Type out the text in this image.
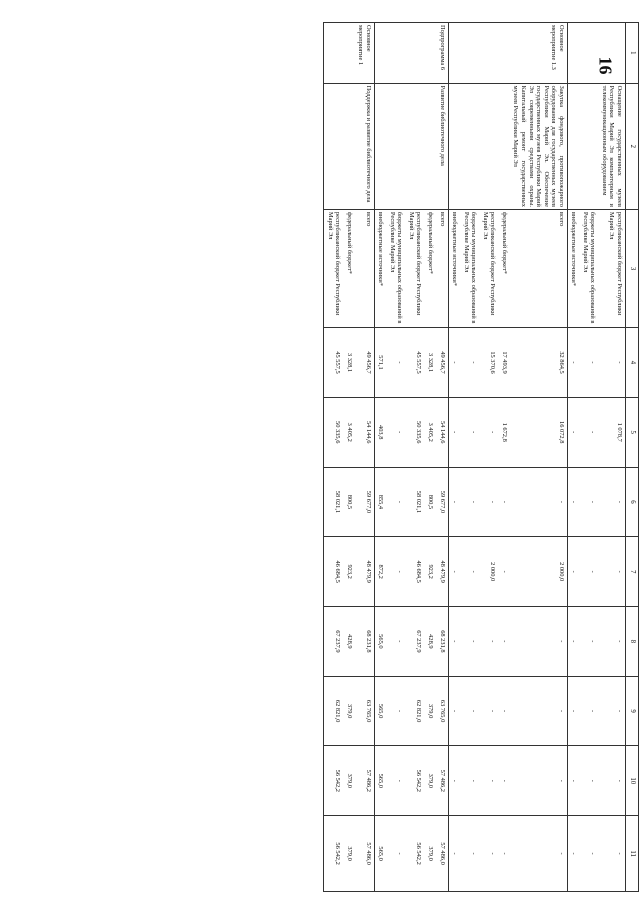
16
1	2	3	4	5	6	7	8	9	10	11
	Оснащение государственных музеев Республики Марий Эл компьютерным и телекоммуникационным оборудованием	республиканский бюджет Республики Марий Эл	-	1 078,7	-	-	-	-	-	-
		бюджеты муниципальных образований в Республике Марий Эл	-	-	-	-	-	-	-	-
		внебюджетные источники*	-	-	-	-	-	-	-	-
Основное мероприятие 1.3	Закупка фондового, противопожарного оборудования для государственных музеев Республики Марий Эл. Обеспечение государственных музеев Республики Марий Эл современными средствами охраны. Капитальный ремонт государственных музеев Республики Марий Эл	всего	32 864,5	16 072,8	-	2 000,0	-	-	-	-
		федеральный бюджет*	17 493,9	1 672,8	-	-	-	-	-	-
		республиканский бюджет Республики Марий Эл	15 370,6	-	-	2 000,0	-	-	-	-
		бюджеты муниципальных образований в Республике Марий Эл	-	-	-	-	-	-	-	-
		внебюджетные источники*	-	-	-	-	-	-	-	-
Подпрограмма 6	Развитие библиотечного дела	всего	49 456,7	54 144,6	59 677,0	48 479,9	68 231,8	63 765,0	57 486,2	57 486,0
		федеральный бюджет*	3 328,1	3 405,2	800,5	923,2	428,9	379,0	379,0	379,0
		республиканский бюджет Республики Марий Эл	45 557,5	50 335,6	58 021,1	46 684,5	67 237,9	62 821,0	56 542,2	56 542,2
		бюджеты муниципальных образований в Республике Марий Эл	-	-	-	-	-	-	-	-
		внебюджетные источники*	571,1	403,8	855,4	872,2	565,0	565,0	565,0	565,0
Основное мероприятие 1	Поддержка и развитие библиотечного дела	всего	49 456,7	54 144,6	59 677,0	48 479,9	68 231,8	63 765,0	57 486,2	57 486,0
		федеральный бюджет*	3 328,1	3 405,2	800,5	923,2	428,9	379,0	379,0	379,0
		республиканский бюджет Республики Марий Эл	45 557,5	50 335,6	58 021,1	46 684,5	67 237,9	62 821,0	56 542,2	56 542,2
